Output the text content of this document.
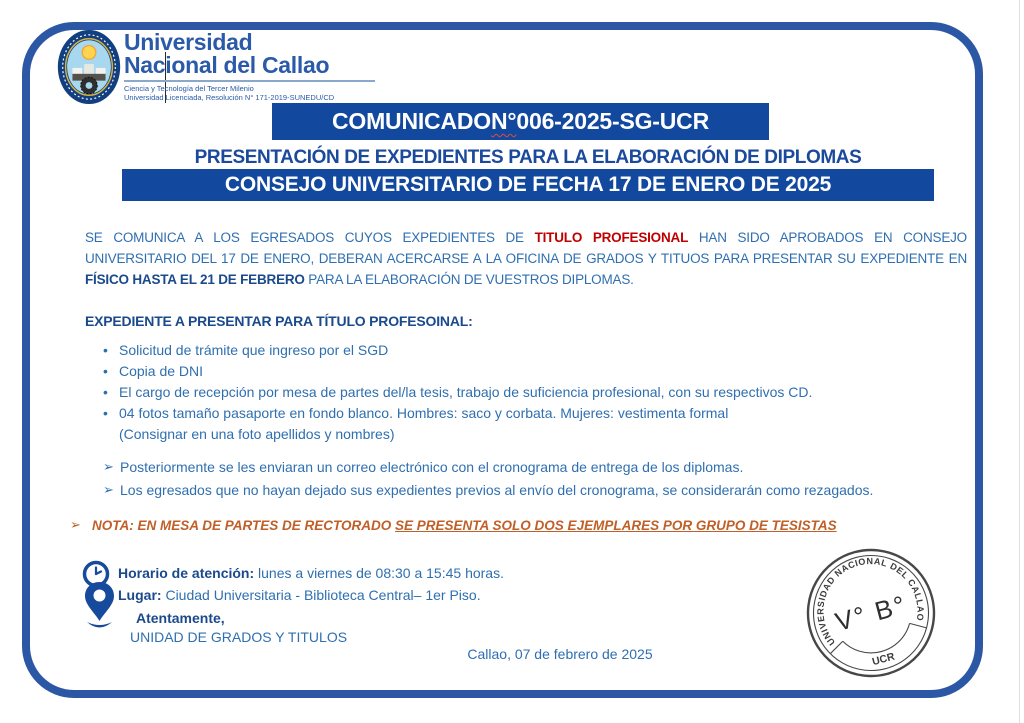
Universidad
Nacional del Callao
Ciencia y Tecnología del Tercer Milenio
Universidad Licenciada, Resolución N° 171-2019-SUNEDU/CD
COMUNICADO N° 006-2025-SG-UCR
PRESENTACIÓN DE EXPEDIENTES PARA LA ELABORACIÓN DE DIPLOMAS
CONSEJO UNIVERSITARIO DE FECHA 17 DE ENERO DE 2025
SE COMUNICA A LOS EGRESADOS CUYOS EXPEDIENTES DE TITULO PROFESIONAL HAN SIDO APROBADOS EN CONSEJO UNIVERSITARIO DEL 17 DE ENERO, DEBERAN ACERCARSE A LA OFICINA DE GRADOS Y TITUOS PARA PRESENTAR SU EXPEDIENTE EN FÍSICO HASTA EL 21 DE FEBRERO PARA LA ELABORACIÓN DE VUESTROS DIPLOMAS.
EXPEDIENTE A PRESENTAR PARA TÍTULO PROFESOINAL:
• Solicitud de trámite que ingreso por el SGD
• Copia de DNI
• El cargo de recepción por mesa de partes del/la tesis, trabajo de suficiencia profesional, con su respectivos CD.
• 04 fotos tamaño pasaporte en fondo blanco. Hombres: saco y corbata. Mujeres: vestimenta formal
(Consignar en una foto apellidos y nombres)
➢ Posteriormente se les enviaran un correo electrónico con el cronograma de entrega de los diplomas.
➢ Los egresados que no hayan dejado sus expedientes previos al envío del cronograma, se considerarán como rezagados.
➢ NOTA: EN MESA DE PARTES DE RECTORADO SE PRESENTA SOLO DOS EJEMPLARES POR GRUPO DE TESISTAS
Horario de atención: lunes a viernes de 08:30 a 15:45 horas.
Lugar: Ciudad Universitaria - Biblioteca Central– 1er Piso.
Atentamente,
UNIDAD DE GRADOS Y TITULOS
Callao, 07 de febrero de 2025
UNIVERSIDAD NACIONAL DEL CALLAO
V° B°
UCR
